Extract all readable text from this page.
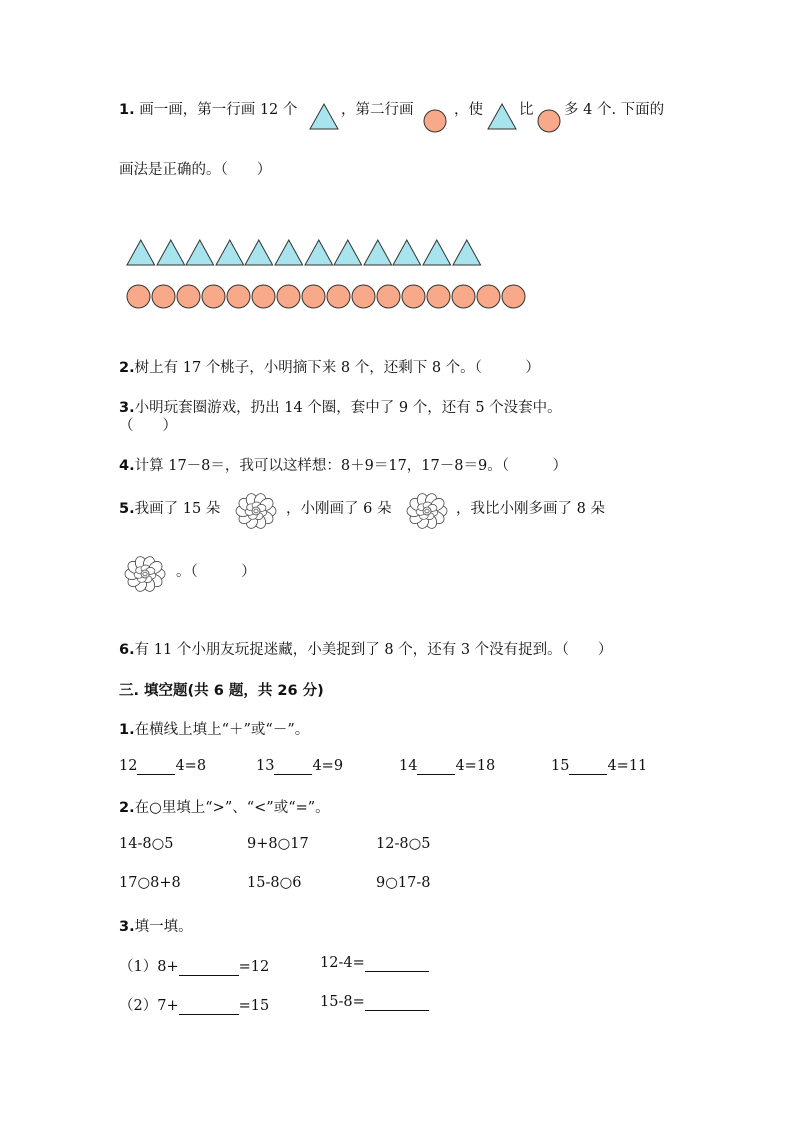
1. 画一画，第一行画 12 个	，第二行画	，使 比 多 4 个. 下面的
画法是正确的。（　　）
2.树上有 17 个桃子，小明摘下来 8 个，还剩下 8 个。（　　　）
3.小明玩套圈游戏，扔出 14 个圈，套中了 9 个，还有 5 个没套中。
（　　）
4.计算 17－8＝，我可以这样想：8＋9＝17，17－8＝9。（　　　）
5.我画了 15 朵	，小刚画了 6 朵	，我比小刚多画了 8 朵
。（　　　）
6.有 11 个小朋友玩捉迷藏，小美捉到了 8 个，还有 3 个没有捉到。（　　）
三. 填空题(共 6 题，共 26 分)
1.在横线上填上“＋”或“－”。
12	4=8	13	4=9	14	4=18	15	4=11
2.在○里填上“>”、“<”或“=”。
14-8○5	9+8○17	12-8○5
17○8+8	15-8○6	9○17-8
3.填一填。
（1）8+	=12	12-4=
（2）7+	=15	15-8=
